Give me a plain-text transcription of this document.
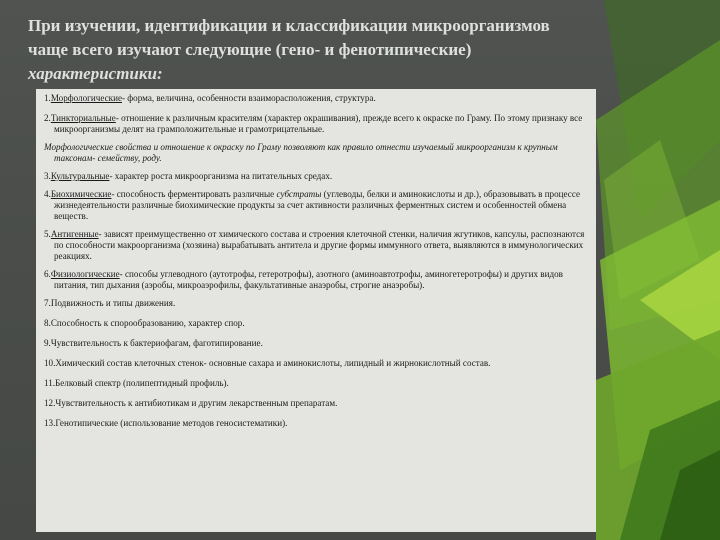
При изучении, идентификации и классификации микроорганизмов
чаще всего изучают следующие (гено- и фенотипические)
характеристики:

1.Морфологические- форма, величина, особенности взаиморасположения, структура.

2.Тинкториальные- отношение к различным красителям (характер окрашивания), прежде всего к окраске по Граму. По этому признаку все микроорганизмы делят на грамположительные и грамотрицательные.

Морфологические свойства и отношение к окраску по Граму позволяют как правило отнести изучаемый микроорганизм к крупным таксонам- семейству, роду.

3.Культуральные- характер роста микроорганизма на питательных средах.

4.Биохимические- способность ферментировать различные субстраты (углеводы, белки и аминокислоты и др.), образовывать в процессе жизнедеятельности различные биохимические продукты за счет активности различных ферментных систем и особенностей обмена веществ.

5.Антигенные- зависят преимущественно от химического состава и строения клеточной стенки, наличия жгутиков, капсулы, распознаются по способности макроорганизма (хозяина) вырабатывать антитела и другие формы иммунного ответа, выявляются в иммунологических реакциях.

6.Физиологические- способы углеводного (аутотрофы, гетеротрофы), азотного (аминоавтотрофы, аминогетеротрофы) и других видов питания, тип дыхания (аэробы, микроаэрофилы, факультативные анаэробы, строгие анаэробы).

7.Подвижность и типы движения.

8.Способность к спорообразованию, характер спор.

9.Чувствительность к бактериофагам, фаготипирование.

10.Химический состав клеточных стенок- основные сахара и аминокислоты, липидный и жирнокислотный состав.

11.Белковый спектр (полипептидный профиль).

12.Чувствительность к антибиотикам и другим лекарственным препаратам.

13.Генотипические (использование методов геносистематики).
